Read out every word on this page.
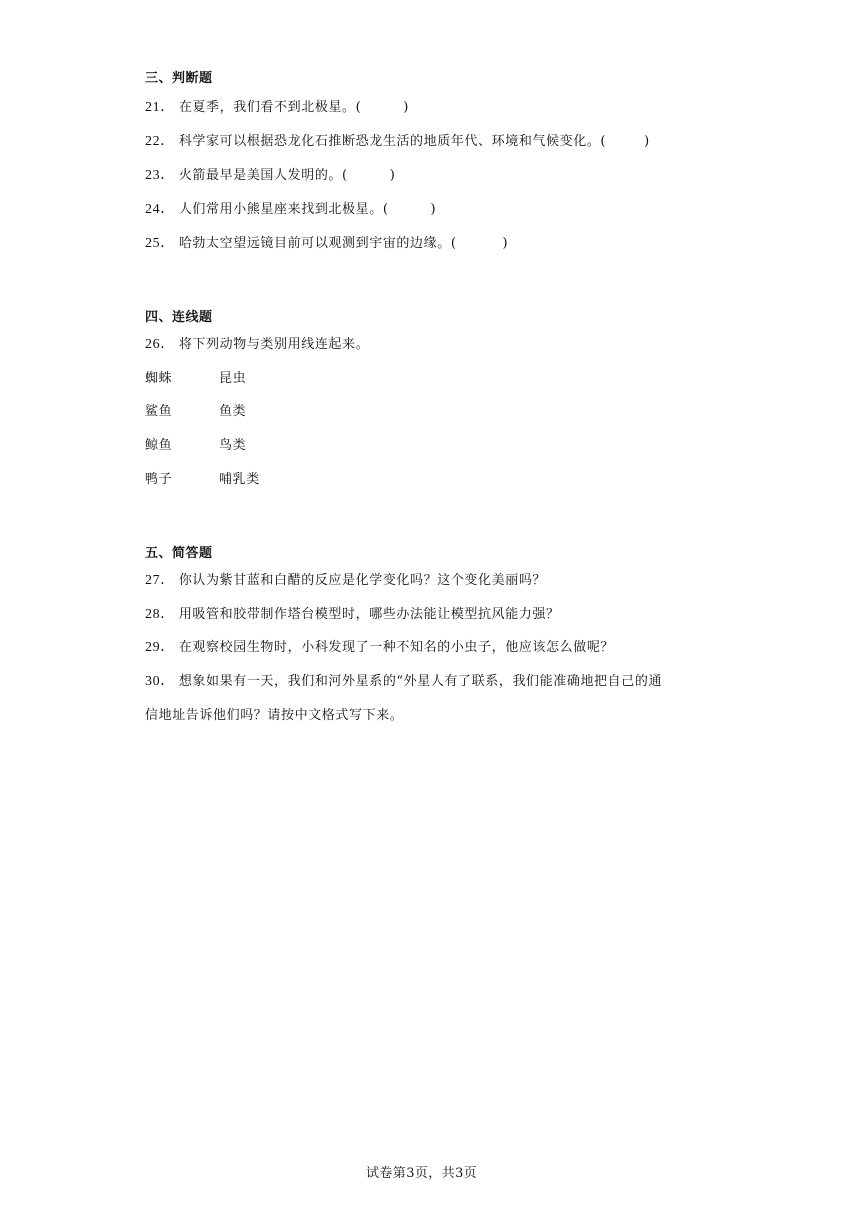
三、判断题
21． 在夏季，我们看不到北极星。(	)
22． 科学家可以根据恐龙化石推断恐龙生活的地质年代、环境和气候变化。(	)
23． 火箭最早是美国人发明的。(	)
24． 人们常用小熊星座来找到北极星。(	)
25． 哈勃太空望远镜目前可以观测到宇宙的边缘。(	)
四、连线题
26． 将下列动物与类别用线连起来。
蜘蛛	昆虫
鲨鱼	鱼类
鲸鱼	鸟类
鸭子	哺乳类
五、简答题
27． 你认为紫甘蓝和白醋的反应是化学变化吗？这个变化美丽吗？
28． 用吸管和胶带制作塔台模型时，哪些办法能让模型抗风能力强？
29． 在观察校园生物时，小科发现了一种不知名的小虫子，他应该怎么做呢？
30． 想象如果有一天，我们和河外星系的“外星人有了联系，我们能准确地把自己的通
信地址告诉他们吗？请按中文格式写下来。
试卷第3页，共3页
